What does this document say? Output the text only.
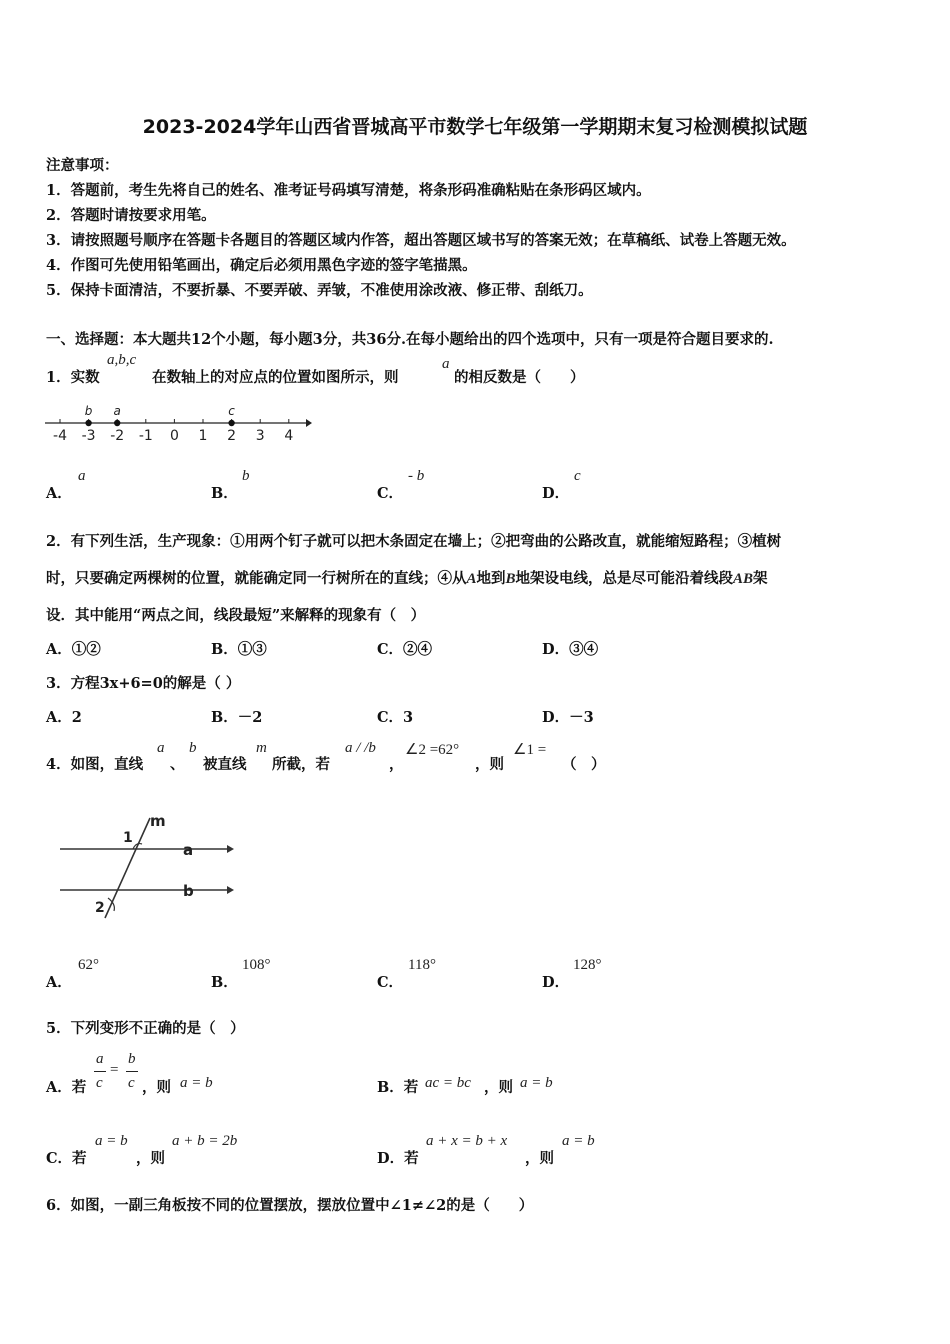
2023-2024学年山西省晋城高平市数学七年级第一学期期末复习检测模拟试题
注意事项：
1．答题前，考生先将自己的姓名、准考证号码填写清楚，将条形码准确粘贴在条形码区域内。
2．答题时请按要求用笔。
3．请按照题号顺序在答题卡各题目的答题区域内作答，超出答题区域书写的答案无效；在草稿纸、试卷上答题无效。
4．作图可先使用铅笔画出，确定后必须用黑色字迹的签字笔描黑。
5．保持卡面清洁，不要折暴、不要弄破、弄皱，不准使用涂改液、修正带、刮纸刀。
一、选择题：本大题共12个小题，每小题3分，共36分.在每小题给出的四个选项中，只有一项是符合题目要求的.
1．实数
a,b,c
在数轴上的对应点的位置如图所示，则
a
的相反数是（　　）
-4 -3 -2 -1 0 1 2 3 4
b a	c
A．
a
B．
b
C．
- b
D．
c
2．有下列生活，生产现象：①用两个钉子就可以把木条固定在墙上；②把弯曲的公路改直，就能缩短路程；③植树
时，只要确定两棵树的位置，就能确定同一行树所在的直线；④从A地到B地架设电线，总是尽可能沿着线段AB架
设．其中能用“两点之间，线段最短”来解释的现象有（　）
A．①②	B．①③	C．②④	D．③④
3．方程3x+6=0的解是（ ）
A．2	B．－2	C．3	D．－3
4．如图，直线
a
、
b
被直线
m
所截，若
a / /b
，
∠2 =62°
，则
∠1 =
（　）
m
a
b
1
2
A．
62°
B．
108°
C．
118°
D．
128°
5．下列变形不正确的是（　）
A．若
a
c
=
b
c ，则 a = b	B．若 ac = bc ，则 a = b
C．若
a = b
，则
a + b = 2b
D．若
a + x = b + x
，则
a = b
6．如图，一副三角板按不同的位置摆放，摆放位置中∠1≠∠2的是（　　）
